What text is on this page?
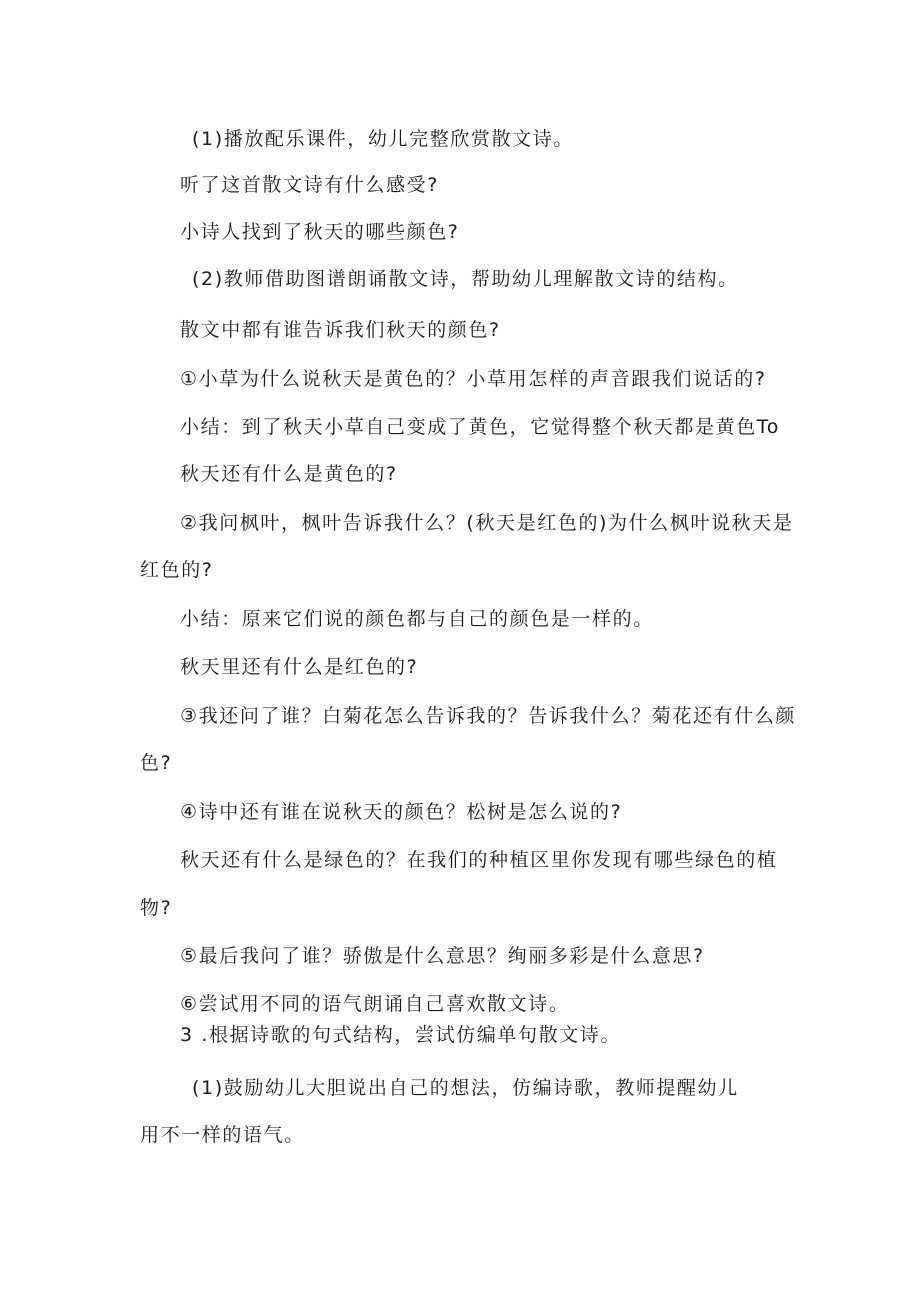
(1)播放配乐课件，幼儿完整欣赏散文诗。
听了这首散文诗有什么感受?
小诗人找到了秋天的哪些颜色?
(2)教师借助图谱朗诵散文诗，帮助幼儿理解散文诗的结构。
散文中都有谁告诉我们秋天的颜色?
①小草为什么说秋天是黄色的？小草用怎样的声音跟我们说话的?
小结：到了秋天小草自己变成了黄色，它觉得整个秋天都是黄色To
秋天还有什么是黄色的?
②我问枫叶，枫叶告诉我什么？(秋天是红色的)为什么枫叶说秋天是
红色的?
小结：原来它们说的颜色都与自己的颜色是一样的。
秋天里还有什么是红色的?
③我还问了谁？白菊花怎么告诉我的？告诉我什么？菊花还有什么颜
色?
④诗中还有谁在说秋天的颜色？松树是怎么说的?
秋天还有什么是绿色的？在我们的种植区里你发现有哪些绿色的植
物?
⑤最后我问了谁？骄傲是什么意思？绚丽多彩是什么意思?
⑥尝试用不同的语气朗诵自己喜欢散文诗。
3 .根据诗歌的句式结构，尝试仿编单句散文诗。
(1)鼓励幼儿大胆说出自己的想法，仿编诗歌，教师提醒幼儿
用不一样的语气。
